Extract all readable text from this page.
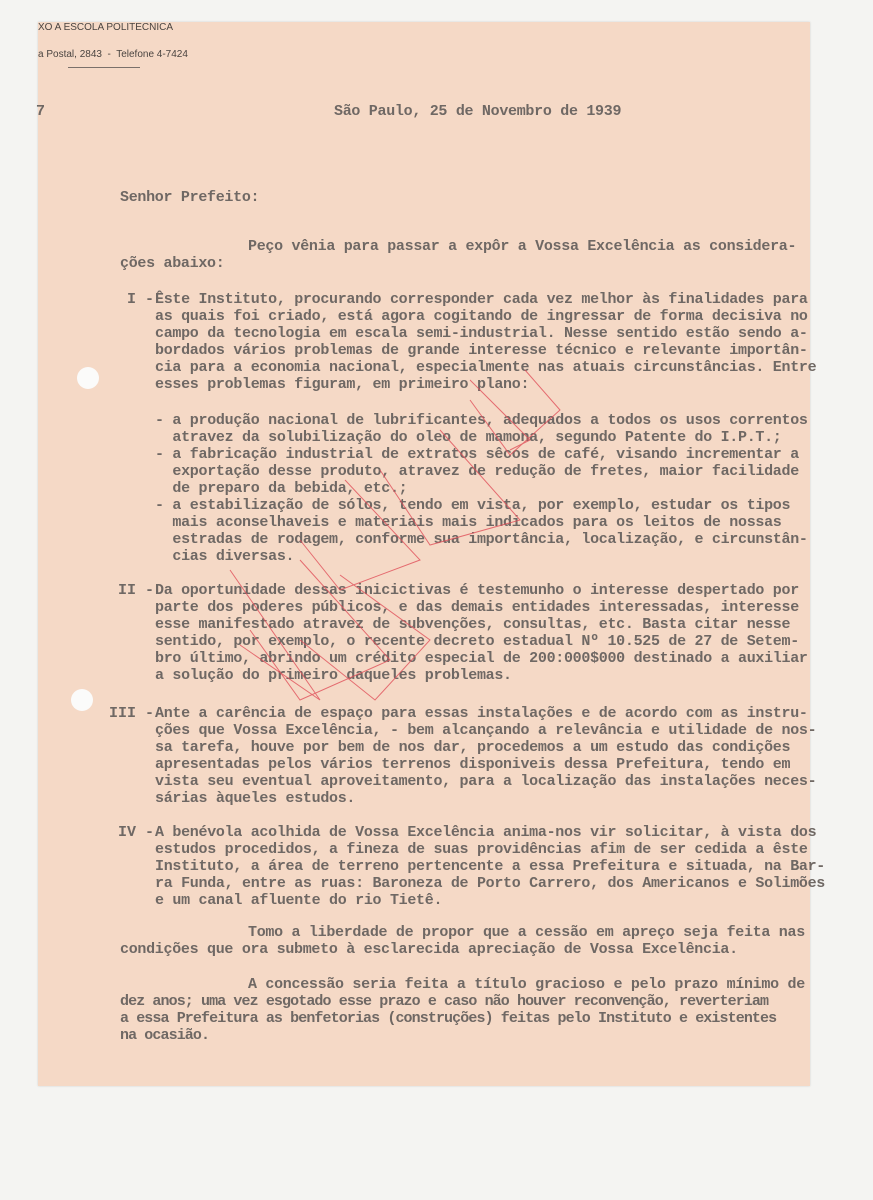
XO A ESCOLA POLITECNICA
a Postal, 2843  -  Telefone 4-7424
7	São Paulo, 25 de Novembro de 1939
Senhor Prefeito:
Peço vênia para passar a expôr a Vossa Excelência as considera-
ções abaixo:
I - Êste Instituto, procurando corresponder cada vez melhor às finalidades para
as quais foi criado, está agora cogitando de ingressar de forma decisiva no
campo da tecnologia em escala semi-industrial. Nesse sentido estão sendo a-
bordados vários problemas de grande interesse técnico e relevante importân-
cia para a economia nacional, especialmente nas atuais circunstâncias. Entre
esses problemas figuram, em primeiro plano:
- a produção nacional de lubrificantes, adequados a todos os usos correntos
atravez da solubilização do oleo de mamona, segundo Patente do I.P.T.;
- a fabricação industrial de extratos sêcos de café, visando incrementar a
exportação desse produto, atravez de redução de fretes, maior facilidade
de preparo da bebida, etc.;
- a estabilização de sólos, tendo em vista, por exemplo, estudar os tipos
mais aconselhaveis e materiais mais indicados para os leitos de nossas
estradas de rodagem, conforme sua importância, localização, e circunstân-
cias diversas.
II - Da oportunidade dessas inicictivas é testemunho o interesse despertado por
parte dos poderes públicos, e das demais entidades interessadas, interesse
esse manifestado atravez de subvenções, consultas, etc. Basta citar nesse
sentido, por exemplo, o recente decreto estadual Nº 10.525 de 27 de Setem-
bro último, abrindo um crédito especial de 200:000$000 destinado a auxiliar
a solução do primeiro daqueles problemas.
III - Ante a carência de espaço para essas instalações e de acordo com as instru-
ções que Vossa Excelência, - bem alcançando a relevância e utilidade de nos-
sa tarefa, houve por bem de nos dar, procedemos a um estudo das condições
apresentadas pelos vários terrenos disponiveis dessa Prefeitura, tendo em
vista seu eventual aproveitamento, para a localização das instalações neces-
sárias àqueles estudos.
IV - A benévola acolhida de Vossa Excelência anima-nos vir solicitar, à vista dos
estudos procedidos, a fineza de suas providências afim de ser cedida a êste
Instituto, a área de terreno pertencente a essa Prefeitura e situada, na Bar-
ra Funda, entre as ruas: Baroneza de Porto Carrero, dos Americanos e Solimões
e um canal afluente do rio Tietê.
Tomo a liberdade de propor que a cessão em apreço seja feita nas
condições que ora submeto à esclarecida apreciação de Vossa Excelência.
A concessão seria feita a título gracioso e pelo prazo mínimo de
dez anos; uma vez esgotado esse prazo e caso não houver reconvenção, reverteriam
a essa Prefeitura as benfetorias (construções) feitas pelo Instituto e existentes
na ocasião.
